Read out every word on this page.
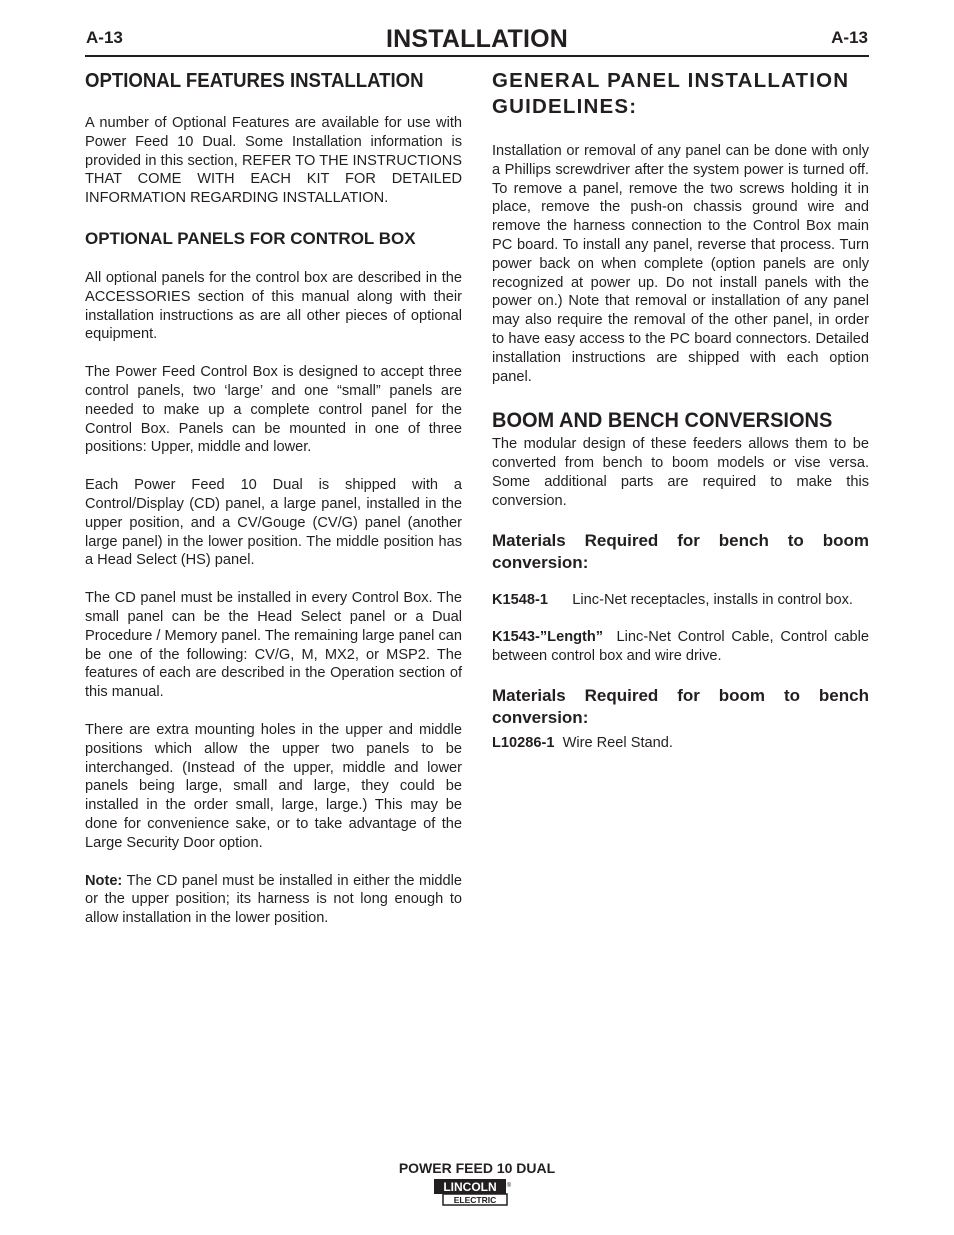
A-13	INSTALLATION	A-13
OPTIONAL FEATURES INSTALLATION

A number of Optional Features are available for use with Power Feed 10 Dual. Some Installation information is provided in this section, REFER TO THE INSTRUCTIONS THAT COME WITH EACH KIT FOR DETAILED INFORMATION REGARDING INSTALLATION.

OPTIONAL PANELS FOR CONTROL BOX

All optional panels for the control box are described in the ACCESSORIES section of this manual along with their installation instructions as are all other pieces of optional equipment.

The Power Feed Control Box is designed to accept three control panels, two ‘large’ and one “small” panels are needed to make up a complete control panel for the Control Box. Panels can be mounted in one of three positions: Upper, middle and lower.

Each Power Feed 10 Dual is shipped with a Control/Display (CD) panel, a large panel, installed in the upper position, and a CV/Gouge (CV/G) panel (another large panel) in the lower position. The middle position has a Head Select (HS) panel.

The CD panel must be installed in every Control Box. The small panel can be the Head Select panel or a Dual Procedure / Memory panel. The remaining large panel can be one of the following: CV/G, M, MX2, or MSP2. The features of each are described in the Operation section of this manual.

There are extra mounting holes in the upper and middle positions which allow the upper two panels to be interchanged. (Instead of the upper, middle and lower panels being large, small and large, they could be installed in the order small, large, large.) This may be done for convenience sake, or to take advantage of the Large Security Door option.

Note: The CD panel must be installed in either the middle or the upper position; its harness is not long enough to allow installation in the lower position.

GENERAL PANEL INSTALLATION GUIDELINES:

Installation or removal of any panel can be done with only a Phillips screwdriver after the system power is turned off. To remove a panel, remove the two screws holding it in place, remove the push-on chassis ground wire and remove the harness connection to the Control Box main PC board. To install any panel, reverse that process. Turn power back on when complete (option panels are only recognized at power up. Do not install panels with the power on.) Note that removal or installation of any panel may also require the removal of the other panel, in order to have easy access to the PC board connectors. Detailed installation instructions are shipped with each option panel.

BOOM AND BENCH CONVERSIONS

The modular design of these feeders allows them to be converted from bench to boom models or vise versa. Some additional parts are required to make this conversion.

Materials Required for bench to boom conversion:

K1548-1      Linc-Net receptacles, installs in control box.

K1543-”Length”  Linc-Net Control Cable, Control cable between control box and wire drive.

Materials Required for boom to bench conversion:

L10286-1  Wire Reel Stand.

POWER FEED 10 DUAL
LINCOLN
ELECTRIC
®
